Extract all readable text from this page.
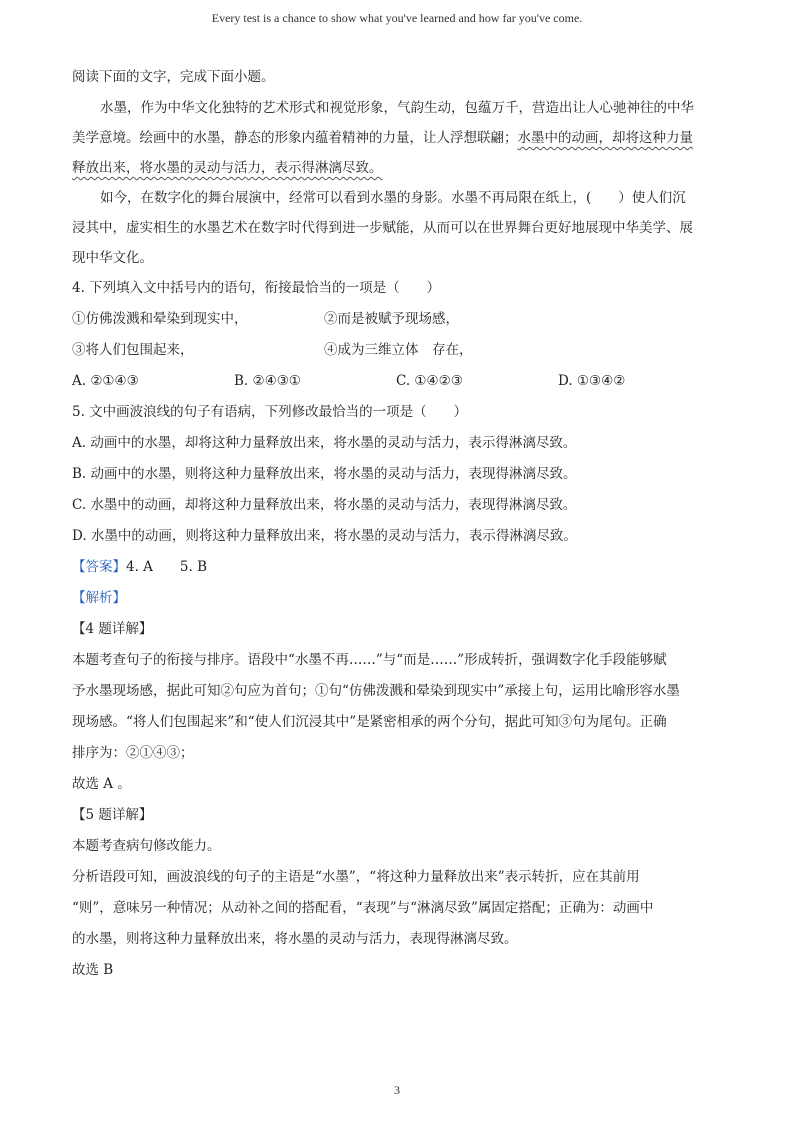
Every test is a chance to show what you've learned and how far you've come.
阅读下面的文字，完成下面小题。
水墨，作为中华文化独特的艺术形式和视觉形象，气韵生动，包蕴万千，营造出让人心驰神往的中华
美学意境。绘画中的水墨，静态的形象内蕴着精神的力量，让人浮想联翩；水墨中的动画，却将这种力量
释放出来，将水墨的灵动与活力，表示得淋漓尽致。
如今，在数字化的舞台展演中，经常可以看到水墨的身影。水墨不再局限在纸上，(　　）使人们沉
浸其中，虚实相生的水墨艺术在数字时代得到进一步赋能，从而可以在世界舞台更好地展现中华美学、展
现中华文化。
4. 下列填入文中括号内的语句，衔接最恰当的一项是（　　）
①仿佛泼溅和晕染到现实中，	②而是被赋予现场感，
③将人们包围起来，	④成为三维立体　存在，
A. ②①④③	B. ②④③①	C. ①④②③	D. ①③④②
5. 文中画波浪线的句子有语病，下列修改最恰当的一项是（　　）
A. 动画中的水墨，却将这种力量释放出来，将水墨的灵动与活力，表示得淋漓尽致。
B. 动画中的水墨，则将这种力量释放出来，将水墨的灵动与活力，表现得淋漓尽致。
C. 水墨中的动画，却将这种力量释放出来，将水墨的灵动与活力，表现得淋漓尽致。
D. 水墨中的动画，则将这种力量释放出来，将水墨的灵动与活力，表示得淋漓尽致。
【答案】4. A　　5. B
【解析】
【4 题详解】
本题考查句子的衔接与排序。语段中“水墨不再……”与“而是……”形成转折，强调数字化手段能够赋
予水墨现场感，据此可知②句应为首句；①句“仿佛泼溅和晕染到现实中”承接上句，运用比喻形容水墨
现场感。“将人们包围起来”和“使人们沉浸其中”是紧密相承的两个分句，据此可知③句为尾句。正确
排序为：②①④③；
故选 A 。
【5 题详解】
本题考查病句修改能力。
分析语段可知，画波浪线的句子的主语是“水墨”，“将这种力量释放出来”表示转折，应在其前用
“则”，意味另一种情况；从动补之间的搭配看，“表现”与“淋漓尽致”属固定搭配；正确为：动画中
的水墨，则将这种力量释放出来，将水墨的灵动与活力，表现得淋漓尽致。
故选 B
3
